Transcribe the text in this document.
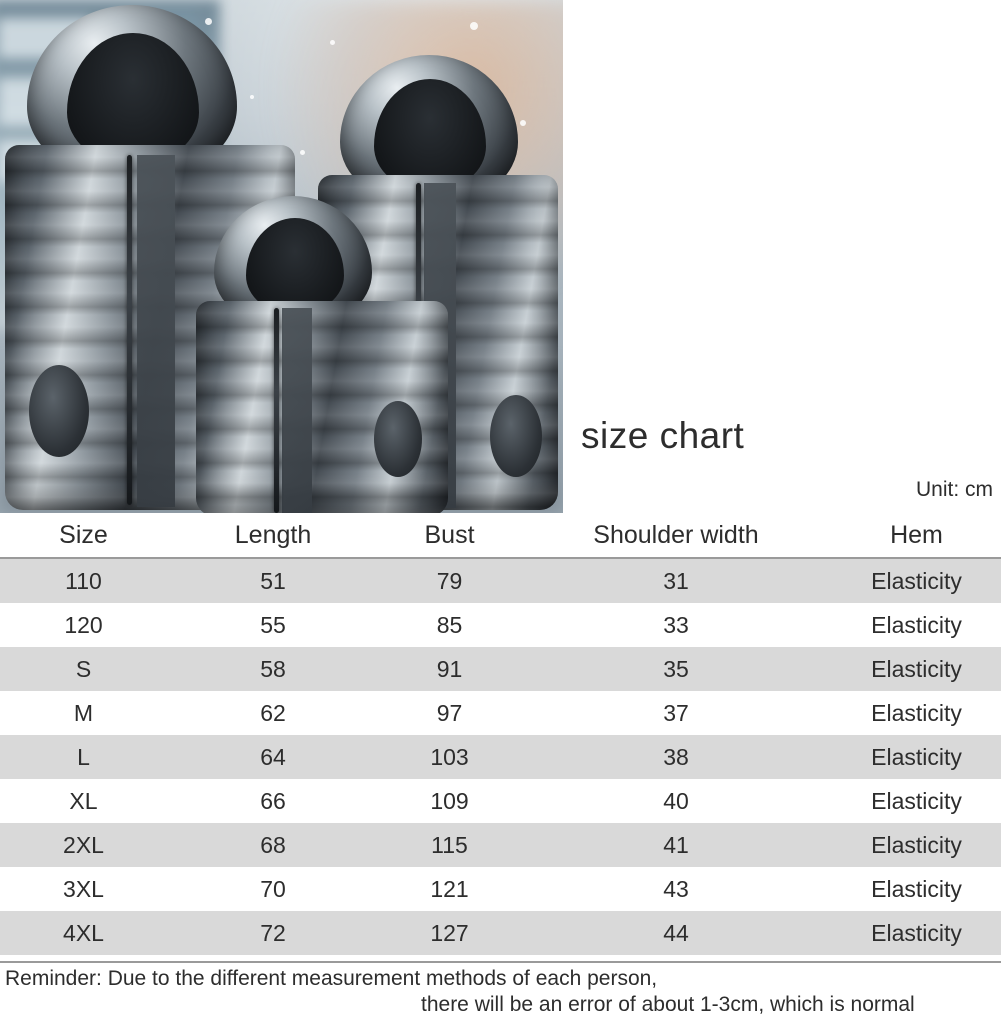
size chart
Unit: cm
Size	Length	Bust	Shoulder width	Hem
110	51	79	31	Elasticity
120	55	85	33	Elasticity
S	58	91	35	Elasticity
M	62	97	37	Elasticity
L	64	103	38	Elasticity
XL	66	109	40	Elasticity
2XL	68	115	41	Elasticity
3XL	70	121	43	Elasticity
4XL	72	127	44	Elasticity
Reminder: Due to the different measurement methods of each person,
there will be an error of about 1-3cm, which is normal
